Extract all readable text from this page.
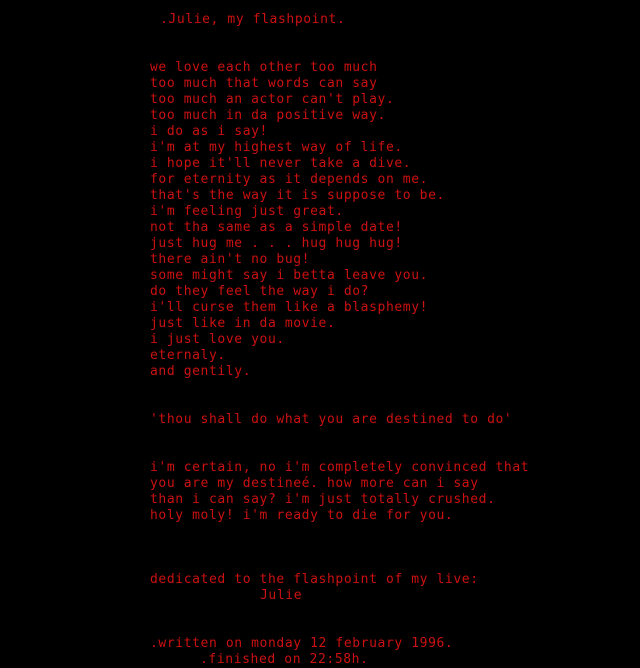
.Julie, my flashpoint.
we love each other too much
too much that words can say
too much an actor can't play.
too much in da positive way.
i do as i say!
i'm at my highest way of life.
i hope it'll never take a dive.
for eternity as it depends on me.
that's the way it is suppose to be.
i'm feeling just great.
not tha same as a simple date!
just hug me . . . hug hug hug!
there ain't no bug!
some might say i betta leave you.
do they feel the way i do?
i'll curse them like a blasphemy!
just like in da movie.
i just love you.
eternaly.
and gentily.
'thou shall do what you are destined to do'
i'm certain, no i'm completely convinced that
you are my destineé. how more can i say
than i can say? i'm just totally crushed.
holy moly! i'm ready to die for you.
dedicated to the flashpoint of my live:
Julie
.written on monday 12 february 1996.
.finished on 22:58h.
